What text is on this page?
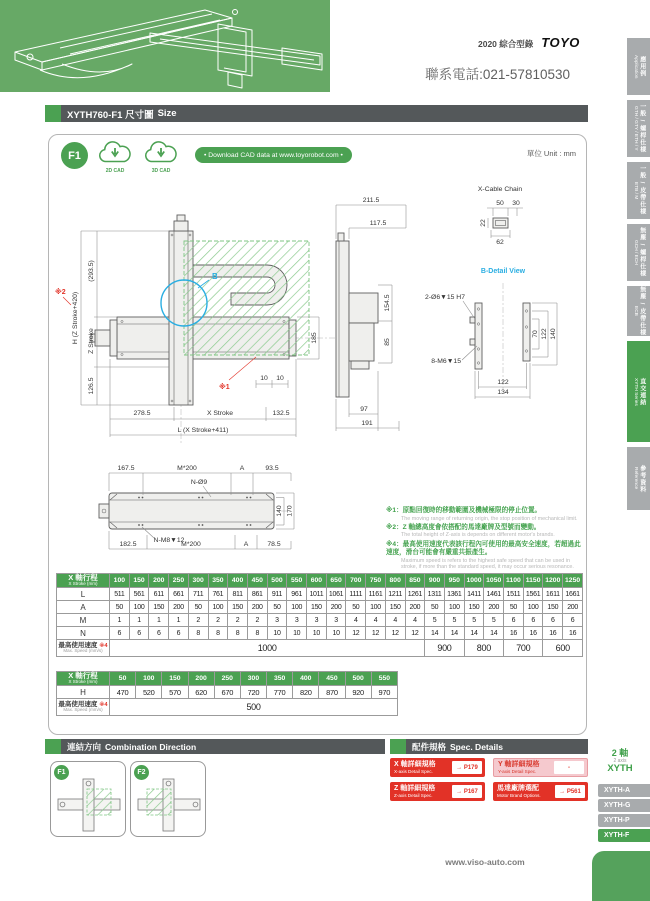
2020 綜合型錄 TOYO
聯系電話:021-57810530	應用例
Application
一般 / 螺桿仕樣
GTH / GTY / ETH / Y
一般 / 皮帶仕樣
ETB / M
無塵 / 螺桿仕樣
GCH / ECH
無塵 / 皮帶仕樣
ECB
直交連結
XYTH Series
參考資料
Reference
XYTH760-F1 尺寸圖 Size
F1
2D CAD	3D CAD
• Download CAD data at www.toyorobot.com •	單位 Unit : mm
B
※2
※1
H (Z Stroke+420)
(293.5)
Z Stroke
126.5
185
10 10
278.5	X Stroke	132.5
L (X Stroke+411)
211.5
117.5
154.5
85
97
191
X-Cable Chain
50 30
22
62
B-Detail View
2-Ø6▼15 H7
8-M6▼15
70 122 140
122
134
167.5	M*200	A	93.5
N-Ø9
140 170
N-M8▼12
182.5	M*200	A	78.5
※1：原點回復時的移動範圍及機械極限的停止位置。
The moving range of returning origin, the stop position of mechanical limit.
※2：Z 軸總高度會依搭配的馬達廠牌及型號而變動。
The total height of Z-axis is depends on different motor's brands.
※4：最高使用速度代表該行程內可使用的最高安全速度，若超過此速度，滑台可能會有嚴重共振產生。
Maximum speed is refers to the highest safe speed that can be used in stroke, if more than the standard speed, it may occur serious resonance.
X 軸行程
X Stroke (mm)	100	150	200	250	300	350	400	450	500	550	600	650	700	750	800	850	900	950	1000	1050	1100	1150	1200	1250
L	511	561	611	661	711	761	811	861	911	961	1011	1061	1111	1161	1211	1261	1311	1361	1411	1461	1511	1561	1611	1661
A	50	100	150	200	50	100	150	200	50	100	150	200	50	100	150	200	50	100	150	200	50	100	150	200
M	1	1	1	1	2	2	2	2	3	3	3	3	4	4	4	4	5	5	5	5	6	6	6	6
N	6	6	6	6	8	8	8	8	10	10	10	10	12	12	12	12	14	14	14	14	16	16	16	16

最高使用速度 ※4
Max. Speed (mm/s)	1000																900		800		700		600	
X 軸行程
X Stroke (mm)	50	100	150	200	250	300	350	400	450	500	550
H	470	520	570	620	670	720	770	820	870	920	970

最高使用速度 ※4
Max. Speed (mm/s)	500										
連結方向 Combination Direction
F1	F2
配件規格 Spec. Details
X 軸詳細規格
X-axis Detail Spec.
→ P179	Y 軸詳細規格
Y-axis Detail Spec.
-
Z 軸詳細規格
Z-axis Detail Spec.
→ P167	馬達廠牌選配
Motor Brand Options.
→ P561
2 軸
2 axis
XYTH
XYTH-A
XYTH-G
XYTH-P
XYTH-F
www.viso-auto.com
